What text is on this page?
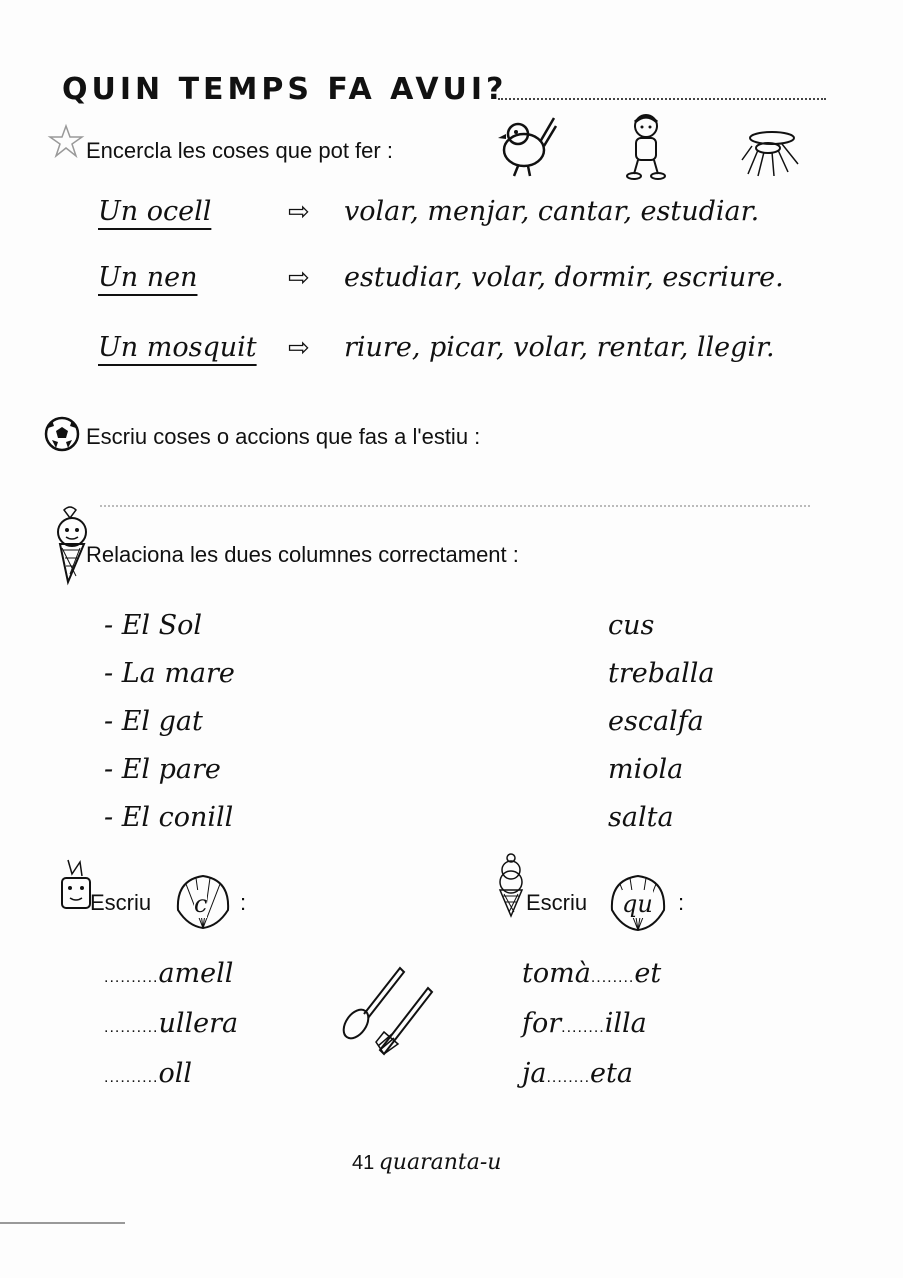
QUIN TEMPS FA AVUI?
Encercla les coses que pot fer :
Un ocell	⇨ volar, menjar, cantar, estudiar.
Un nen	⇨ estudiar, volar, dormir, escriure.
Un mosquit ⇨ riure, picar, volar, rentar, llegir.
Escriu coses o accions que fas a l'estiu :
Relaciona les dues columnes correctament :
- El Sol
- La mare
- El gat
- El pare
- El conill
cus
treballa
escalfa
miola
salta
Escriu c :
..........amell
..........ullera
..........oll
Escriu qu :
tomà........et
for........illa
ja........eta
41 quaranta-u
